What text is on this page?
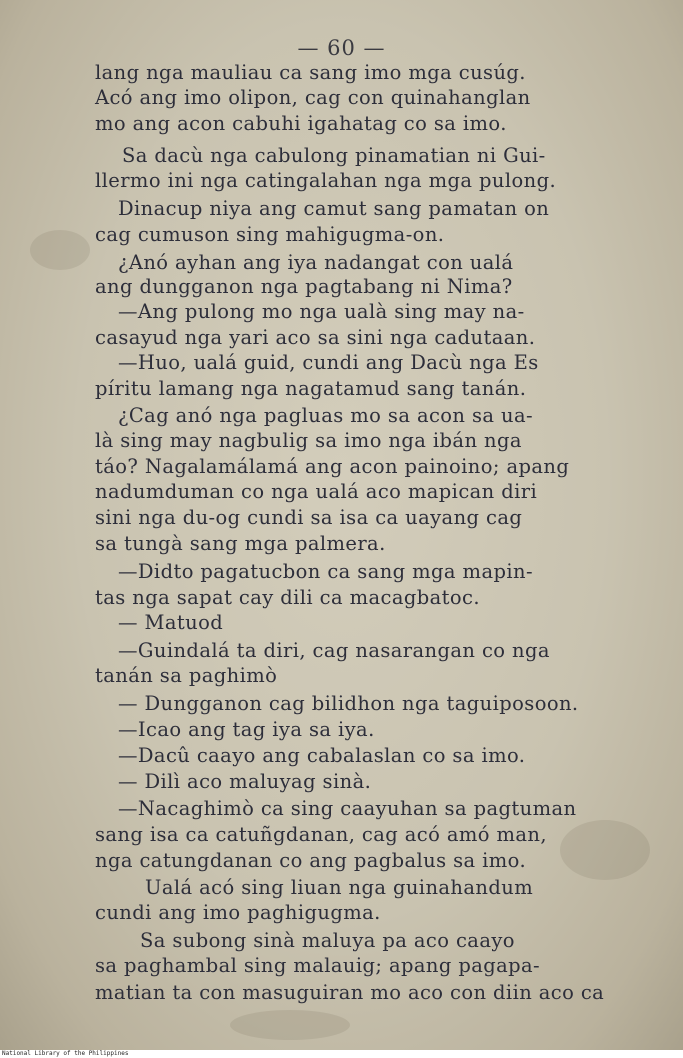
— 60 —
lang nga mauliau ca sang imo mga cusúg.
Acó ang imo olipon, cag con quinahanglan
mo ang acon cabuhi igahatag co sa imo.
Sa dacù nga cabulong pinamatian ni Gui-
llermo ini nga catingalahan nga mga pulong.
Dinacup niya ang camut sang pamatan on
cag cumuson sing mahigugma-on.
¿Anó ayhan ang iya nadangat con ualá
ang dungganon nga pagtabang ni Nima?
—Ang pulong mo nga ualà sing may na-
casayud nga yari aco sa sini nga cadutaan.
—Huo, ualá guid, cundi ang Dacù nga Es
píritu lamang nga nagatamud sang tanán.
¿Cag anó nga pagluas mo sa acon sa ua-
là sing may nagbulig sa imo nga ibán nga
táo? Nagalamálamá ang acon painoino; apang
nadumduman co nga ualá aco mapican diri
sini nga du-og cundi sa isa ca uayang cag
sa tungà sang mga palmera.
—Didto pagatucbon ca sang mga mapin-
tas nga sapat cay dili ca macagbatoc.
— Matuod
—Guindalá ta diri, cag nasarangan co nga
tanán sa paghimò
— Dungganon cag bilidhon nga taguiposoon.
—Icao ang tag iya sa iya.
—Dacû caayo ang cabalaslan co sa imo.
— Dilì aco maluyag sinà.
—Nacaghimò ca sing caayuhan sa pagtuman
sang isa ca catuñgdanan, cag acó amó man,
nga catungdanan co ang pagbalus sa imo.
Ualá acó sing liuan nga guinahandum
cundi ang imo paghigugma.
Sa subong sinà maluya pa aco caayo
sa paghambal sing malauig; apang pagapa-
matian ta con masuguiran mo aco con diin aco ca
National Library of the Philippines
